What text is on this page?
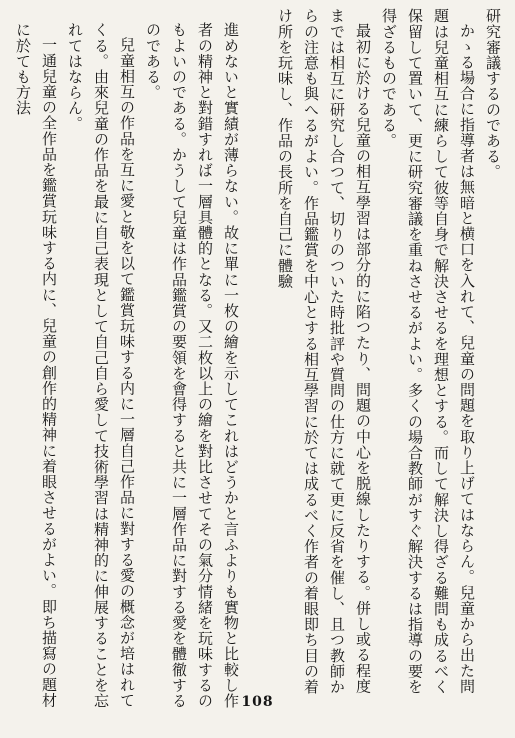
研究審議するのである。

かゝる場合に指導者は無暗と横口を入れて、兒童の問題を取り上げてはならん。兒童から出た問題は兒童相互に練らして彼等自身で解決させるを理想とする。而して解決し得ざる難問も成るべく保留して置いて、更に研究審議を重ねさせるがよい。多くの場合教師がすぐ解決するは指導の要を得ざるものである。

最初に於ける兒童の相互學習は部分的に陷つたり、問題の中心を脱線したりする。併し或る程度までは相互に研究し合つて、切りのついた時批評や質問の仕方に就て更に反省を催し、且つ教師からの注意も與へるがよい。作品鑑賞を中心とする相互學習に於ては成るべく作者の着眼即ち目の着け所を玩味し、作品の長所を自己に體驗

進めないと實績が薄らない。故に單に一枚の繪を示してこれはどうかと言ふよりも實物と比較し作者の精神と對錯すれば一層具體的となる。又二枚以上の繪を對比させてその氣分情緒を玩味するのもよいのである。かうして兒童は作品鑑賞の要領を會得すると共に一層作品に對する愛を體徹するのである。

兒童相互の作品を互に愛と敬を以て鑑賞玩味する内に一層自己作品に對する愛の概念が培はれてくる。由來兒童の作品を最に自己表現として自己自ら愛して技術學習は精神的に伸展することを忘れてはならん。

一通兒童の全作品を鑑賞玩味する内に、兒童の創作的精神に着眼させるがよい。即ち描寫の題材に於ても方法

108
